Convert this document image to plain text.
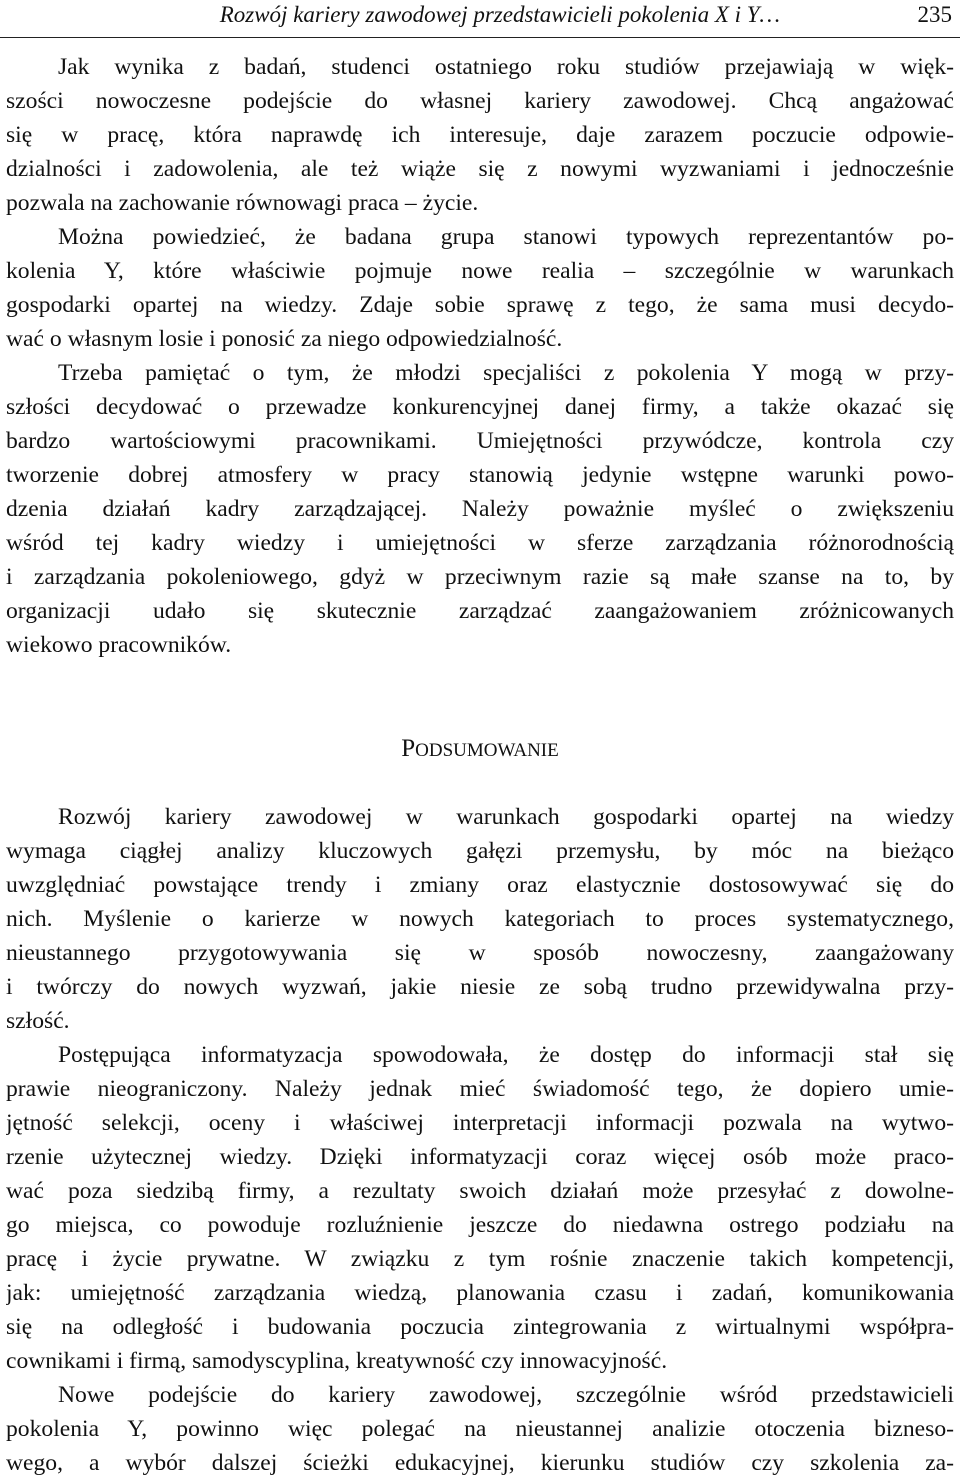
Rozwój kariery zawodowej przedstawicieli pokolenia X i Y…	235
Jak wynika z badań, studenci ostatniego roku studiów przejawiają w więk-
szości nowoczesne podejście do własnej kariery zawodowej. Chcą angażować
się w pracę, która naprawdę ich interesuje, daje zarazem poczucie odpowie-
dzialności i zadowolenia, ale też wiąże się z nowymi wyzwaniami i jednocześnie
pozwala na zachowanie równowagi praca – życie.
Można powiedzieć, że badana grupa stanowi typowych reprezentantów po-
kolenia Y, które właściwie pojmuje nowe realia – szczególnie w warunkach
gospodarki opartej na wiedzy. Zdaje sobie sprawę z tego, że sama musi decydo-
wać o własnym losie i ponosić za niego odpowiedzialność.
Trzeba pamiętać o tym, że młodzi specjaliści z pokolenia Y mogą w przy-
szłości decydować o przewadze konkurencyjnej danej firmy, a także okazać się
bardzo wartościowymi pracownikami. Umiejętności przywódcze, kontrola czy
tworzenie dobrej atmosfery w pracy stanowią jedynie wstępne warunki powo-
dzenia działań kadry zarządzającej. Należy poważnie myśleć o zwiększeniu
wśród tej kadry wiedzy i umiejętności w sferze zarządzania różnorodnością
i zarządzania pokoleniowego, gdyż w przeciwnym razie są małe szanse na to, by
organizacji udało się skutecznie zarządzać zaangażowaniem zróżnicowanych
wiekowo pracowników.
PODSUMOWANIE
Rozwój kariery zawodowej w warunkach gospodarki opartej na wiedzy
wymaga ciągłej analizy kluczowych gałęzi przemysłu, by móc na bieżąco
uwzględniać powstające trendy i zmiany oraz elastycznie dostosowywać się do
nich. Myślenie o karierze w nowych kategoriach to proces systematycznego,
nieustannego przygotowywania się w sposób nowoczesny, zaangażowany
i twórczy do nowych wyzwań, jakie niesie ze sobą trudno przewidywalna przy-
szłość.
Postępująca informatyzacja spowodowała, że dostęp do informacji stał się
prawie nieograniczony. Należy jednak mieć świadomość tego, że dopiero umie-
jętność selekcji, oceny i właściwej interpretacji informacji pozwala na wytwo-
rzenie użytecznej wiedzy. Dzięki informatyzacji coraz więcej osób może praco-
wać poza siedzibą firmy, a rezultaty swoich działań może przesyłać z dowolne-
go miejsca, co powoduje rozluźnienie jeszcze do niedawna ostrego podziału na
pracę i życie prywatne. W związku z tym rośnie znaczenie takich kompetencji,
jak: umiejętność zarządzania wiedzą, planowania czasu i zadań, komunikowania
się na odległość i budowania poczucia zintegrowania z wirtualnymi współpra-
cownikami i firmą, samodyscyplina, kreatywność czy innowacyjność.
Nowe podejście do kariery zawodowej, szczególnie wśród przedstawicieli
pokolenia Y, powinno więc polegać na nieustannej analizie otoczenia bizneso-
wego, a wybór dalszej ścieżki edukacyjnej, kierunku studiów czy szkolenia za-
